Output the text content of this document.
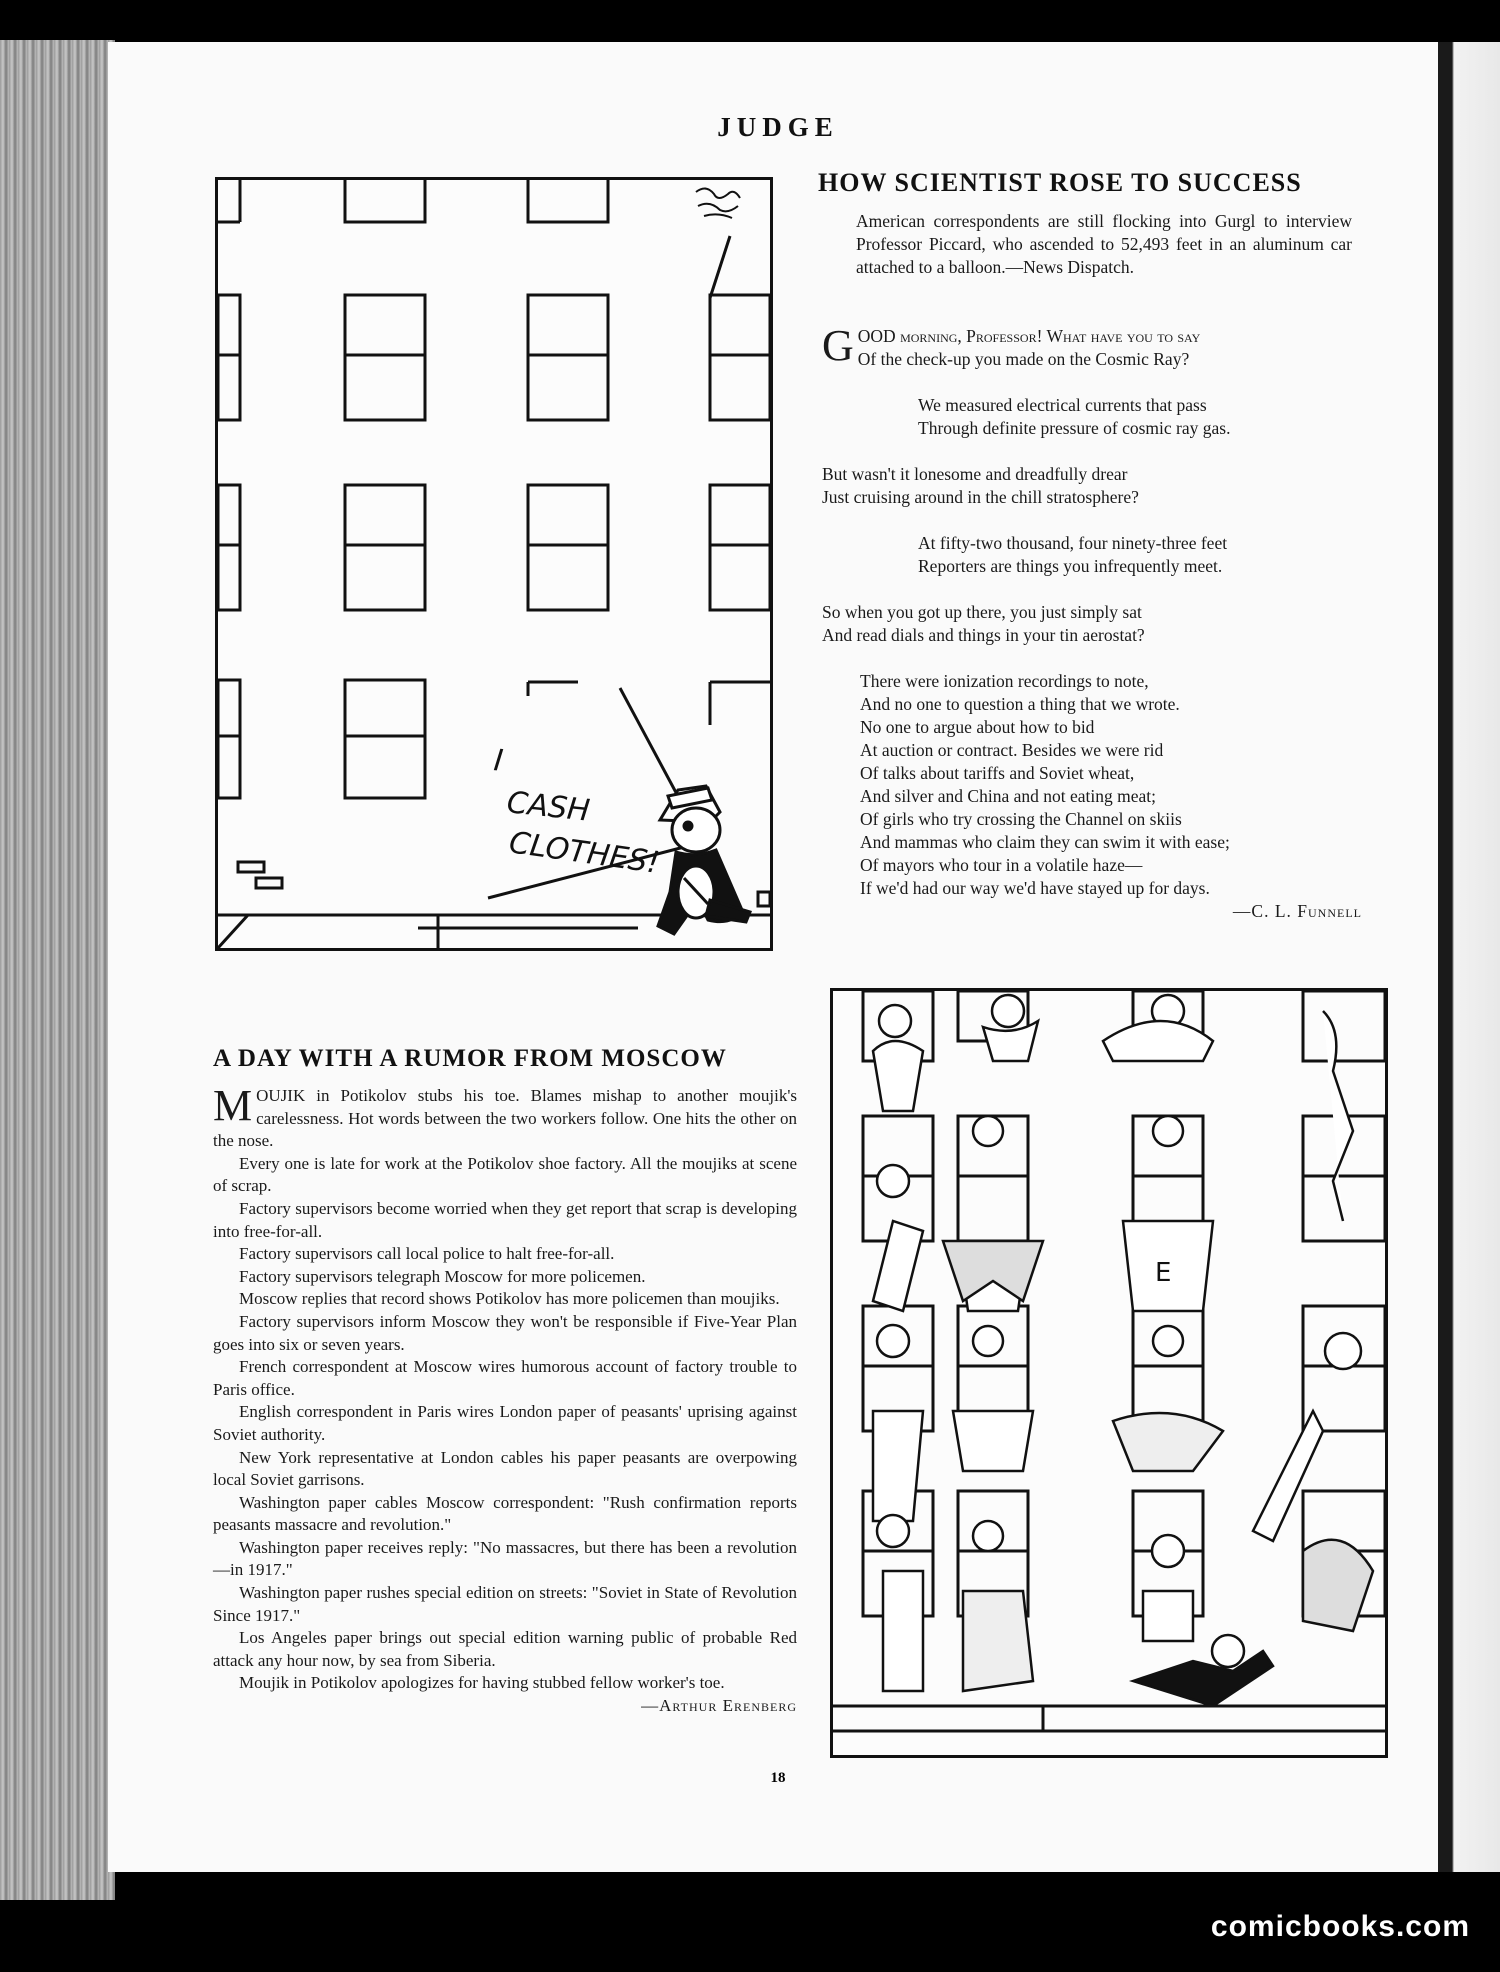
JUDGE
I
CASH
CLOTHES!
HOW SCIENTIST ROSE TO SUCCESS

American correspondents are still flocking into Gurgl to interview Professor Piccard, who ascended to 52,493 feet in an aluminum car attached to a balloon.—News Dispatch.

GOOD morning, Professor! What have you to say
Of the check-up you made on the Cosmic Ray?

We measured electrical currents that pass
Through definite pressure of cosmic ray gas.

But wasn't it lonesome and dreadfully drear
Just cruising around in the chill stratosphere?

At fifty-two thousand, four ninety-three feet
Reporters are things you infrequently meet.

So when you got up there, you just simply sat
And read dials and things in your tin aerostat?

There were ionization recordings to note,
And no one to question a thing that we wrote.
No one to argue about how to bid
At auction or contract. Besides we were rid
Of talks about tariffs and Soviet wheat,
And silver and China and not eating meat;
Of girls who try crossing the Channel on skiis
And mammas who claim they can swim it with ease;
Of mayors who tour in a volatile haze—
If we'd had our way we'd have stayed up for days.

—C. L. Funnell

A DAY WITH A RUMOR FROM MOSCOW

MOUJIK in Potikolov stubs his toe. Blames mishap to another moujik's carelessness. Hot words between the two workers follow. One hits the other on the nose.

Every one is late for work at the Potikolov shoe factory. All the moujiks at scene of scrap.

Factory supervisors become worried when they get report that scrap is developing into free-for-all.

Factory supervisors call local police to halt free-for-all.

Factory supervisors telegraph Moscow for more policemen.

Moscow replies that record shows Potikolov has more policemen than moujiks.

Factory supervisors inform Moscow they won't be responsible if Five-Year Plan goes into six or seven years.

French correspondent at Moscow wires humorous account of factory trouble to Paris office.

English correspondent in Paris wires London paper of peasants' uprising against Soviet authority.

New York representative at London cables his paper peasants are overpowing local Soviet garrisons.

Washington paper cables Moscow correspondent: "Rush confirmation reports peasants massacre and revolution."

Washington paper receives reply: "No massacres, but there has been a revolution—in 1917."

Washington paper rushes special edition on streets: "Soviet in State of Revolution Since 1917."

Los Angeles paper brings out special edition warning public of probable Red attack any hour now, by sea from Siberia.

Moujik in Potikolov apologizes for having stubbed fellow worker's toe.
—Arthur Erenberg

E
18
comicbooks.com
